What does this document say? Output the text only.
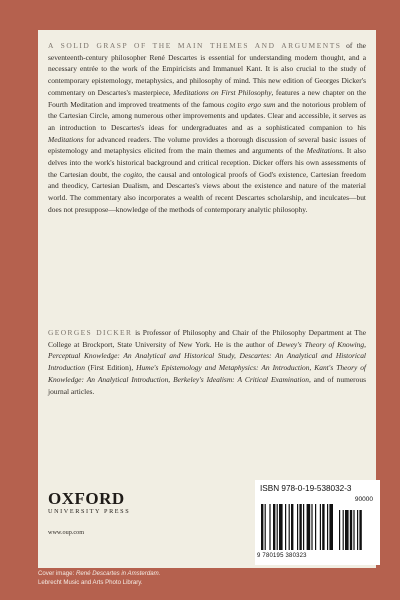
A SOLID GRASP OF THE MAIN THEMES AND ARGUMENTS of the seventeenth-century philosopher René Descartes is essential for understanding modern thought, and a necessary entrée to the work of the Empiricists and Immanuel Kant. It is also crucial to the study of contemporary epistemology, metaphysics, and philosophy of mind. This new edition of Georges Dicker's commentary on Descartes's masterpiece, Meditations on First Philosophy, features a new chapter on the Fourth Meditation and improved treatments of the famous cogito ergo sum and the notorious problem of the Cartesian Circle, among numerous other improvements and updates. Clear and accessible, it serves as an introduction to Descartes's ideas for undergraduates and as a sophisticated companion to his Meditations for advanced readers. The volume provides a thorough discussion of several basic issues of epistemology and metaphysics elicited from the main themes and arguments of the Meditations. It also delves into the work's historical background and critical reception. Dicker offers his own assessments of the Cartesian doubt, the cogito, the causal and ontological proofs of God's existence, Cartesian freedom and theodicy, Cartesian Dualism, and Descartes's views about the existence and nature of the material world. The commentary also incorporates a wealth of recent Descartes scholarship, and inculcates—but does not presuppose—knowledge of the methods of contemporary analytic philosophy.
GEORGES DICKER is Professor of Philosophy and Chair of the Philosophy Department at The College at Brockport, State University of New York. He is the author of Dewey's Theory of Knowing, Perceptual Knowledge: An Analytical and Historical Study, Descartes: An Analytical and Historical Introduction (First Edition), Hume's Epistemology and Metaphysics: An Introduction, Kant's Theory of Knowledge: An Analytical Introduction, Berkeley's Idealism: A Critical Examination, and of numerous journal articles.
OXFORD
UNIVERSITY PRESS
www.oup.com
Cover image: René Descartes in Amsterdam.
Lebrecht Music and Arts Photo Library.
ISBN 978-0-19-538032-3
90000
9 780195 380323
